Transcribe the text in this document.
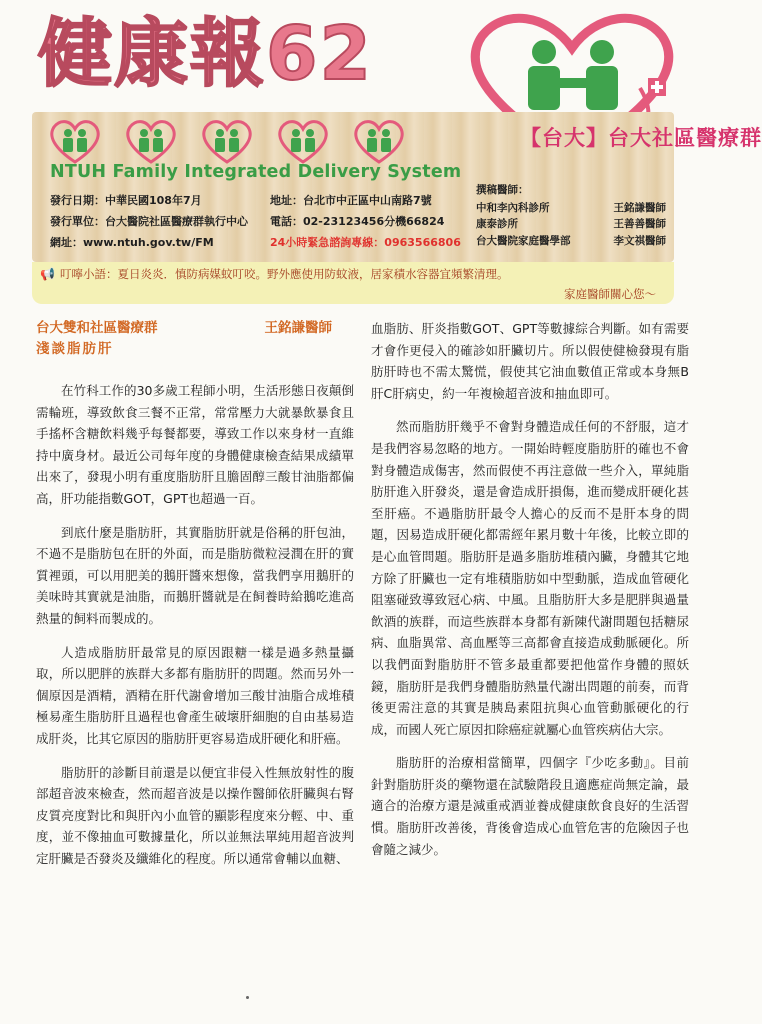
健康報62
【台大】台大社區醫療群
NTUH Family Integrated Delivery System
發行日期：中華民國108年7月
發行單位：台大醫院社區醫療群執行中心
網址：www.ntuh.gov.tw/FM
地址：台北市中正區中山南路7號
電話：02-23123456分機66824
24小時緊急諮詢專線：0963566806
撰稿醫師：
中和李內科診所	王銘謙醫師
康泰診所	王善善醫師
台大醫院家庭醫學部	李文祺醫師
📢 叮嚀小語：夏日炎炎．慎防病媒蚊叮咬。野外應使用防蚊液，居家積水容器宜頻繁清理。
家庭醫師關心您～
台大雙和社區醫療群	王銘謙醫師
淺談脂肪肝

在竹科工作的30多歲工程師小明，生活形態日夜顛倒需輪班，導致飲食三餐不正常，常常壓力大就暴飲暴食且手搖杯含糖飲料幾乎每餐都要，導致工作以來身材一直維持中廣身材。最近公司每年度的身體健康檢查結果成績單出來了，發現小明有重度脂肪肝且膽固醇三酸甘油脂都偏高，肝功能指數GOT，GPT也超過一百。

到底什麼是脂肪肝，其實脂肪肝就是俗稱的肝包油，不過不是脂肪包在肝的外面，而是脂肪微粒浸潤在肝的實質裡頭，可以用肥美的鵝肝醬來想像，當我們享用鵝肝的美味時其實就是油脂，而鵝肝醬就是在飼養時給鵝吃進高熱量的飼料而製成的。

人造成脂肪肝最常見的原因跟糖一樣是過多熱量攝取，所以肥胖的族群大多都有脂肪肝的問題。然而另外一個原因是酒精，酒精在肝代謝會增加三酸甘油脂合成堆積極易產生脂肪肝且過程也會產生破壞肝細胞的自由基易造成肝炎，比其它原因的脂肪肝更容易造成肝硬化和肝癌。

脂肪肝的診斷目前還是以便宜非侵入性無放射性的腹部超音波來檢查，然而超音波是以操作醫師依肝臟與右腎皮質亮度對比和與肝內小血管的顯影程度來分輕、中、重度，並不像抽血可數據量化，所以並無法單純用超音波判定肝臟是否發炎及纖維化的程度。所以通常會輔以血糖、

血脂肪、肝炎指數GOT、GPT等數據綜合判斷。如有需要才會作更侵入的確診如肝臟切片。所以假使健檢發現有脂肪肝時也不需太驚慌，假使其它油血數值正常或本身無B肝C肝病史，約一年複檢超音波和抽血即可。

然而脂肪肝幾乎不會對身體造成任何的不舒服，這才是我們容易忽略的地方。一開始時輕度脂肪肝的確也不會對身體造成傷害，然而假使不再注意做一些介入，單純脂肪肝進入肝發炎，還是會造成肝損傷，進而變成肝硬化甚至肝癌。不過脂肪肝最令人擔心的反而不是肝本身的問題，因易造成肝硬化都需經年累月數十年後，比較立即的是心血管問題。脂肪肝是過多脂肪堆積內臟，身體其它地方除了肝臟也一定有堆積脂肪如中型動脈，造成血管硬化阻塞碰致導致冠心病、中風。且脂肪肝大多是肥胖與過量飲酒的族群，而這些族群本身都有新陳代謝問題包括糖尿病、血脂異常、高血壓等三高都會直接造成動脈硬化。所以我們面對脂肪肝不管多最重都要把他當作身體的照妖鏡，脂肪肝是我們身體脂肪熱量代謝出問題的前奏，而背後更需注意的其實是胰島素阻抗與心血管動脈硬化的行成，而國人死亡原因扣除癌症就屬心血管疾病佔大宗。

脂肪肝的治療相當簡單，四個字『少吃多動』。目前針對脂肪肝炎的藥物還在試驗階段且適應症尚無定論，最適合的治療方還是減重戒酒並養成健康飲食良好的生活習慣。脂肪肝改善後，背後會造成心血管危害的危險因子也會隨之減少。
